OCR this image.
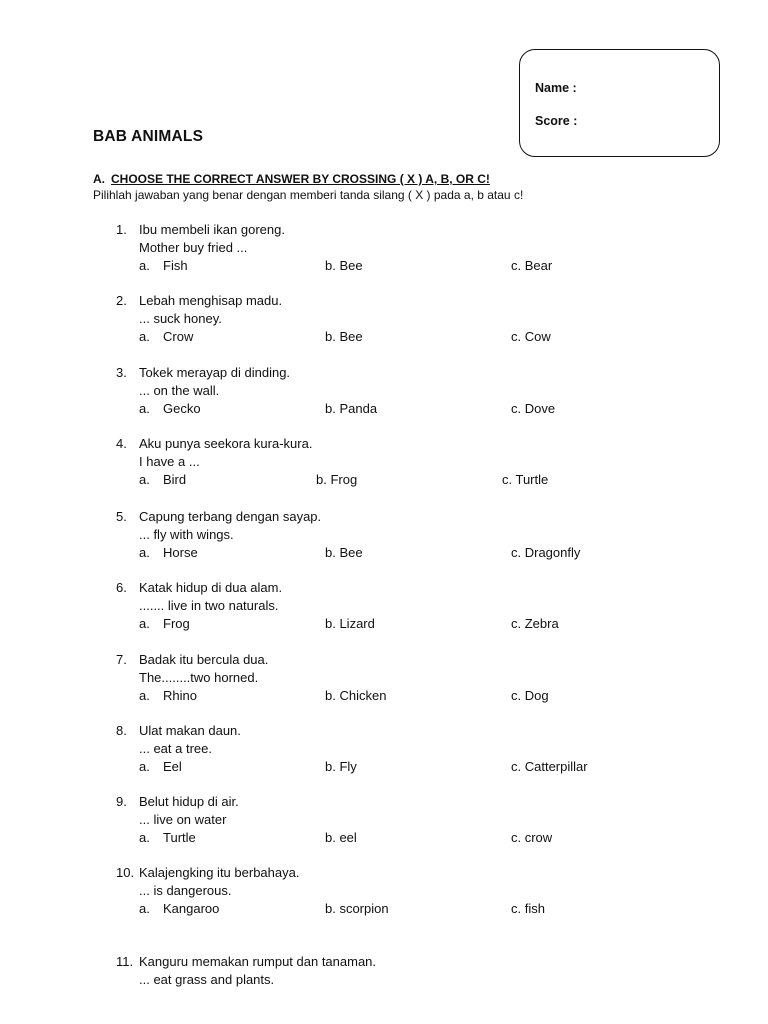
Name :
Score :
BAB ANIMALS
A. CHOOSE THE CORRECT ANSWER BY CROSSING ( X ) A, B, OR C!
Pilihlah jawaban yang benar dengan memberi tanda silang ( X ) pada a, b atau c!
1. Ibu membeli ikan goreng.
Mother buy fried ...
a. Fish	b. Bee	c. Bear
2. Lebah menghisap madu.
... suck honey.
a. Crow	b. Bee	c. Cow
3. Tokek merayap di dinding.
... on the wall.
a. Gecko	b. Panda	c. Dove
4. Aku punya seekora kura-kura.
I have a ...
a. Bird	b. Frog	c. Turtle
5. Capung terbang dengan sayap.
... fly with wings.
a. Horse	b. Bee	c. Dragonfly
6. Katak hidup di dua alam.
....... live in two naturals.
a. Frog	b. Lizard	c. Zebra
7. Badak itu bercula dua.
The........two horned.
a. Rhino	b. Chicken	c. Dog
8. Ulat makan daun.
... eat a tree.
a. Eel	b. Fly	c. Catterpillar
9. Belut hidup di air.
... live on water
a. Turtle	b. eel	c. crow
10. Kalajengking itu berbahaya.
... is dangerous.
a. Kangaroo	b. scorpion	c. fish
11. Kanguru memakan rumput dan tanaman.
... eat grass and plants.
